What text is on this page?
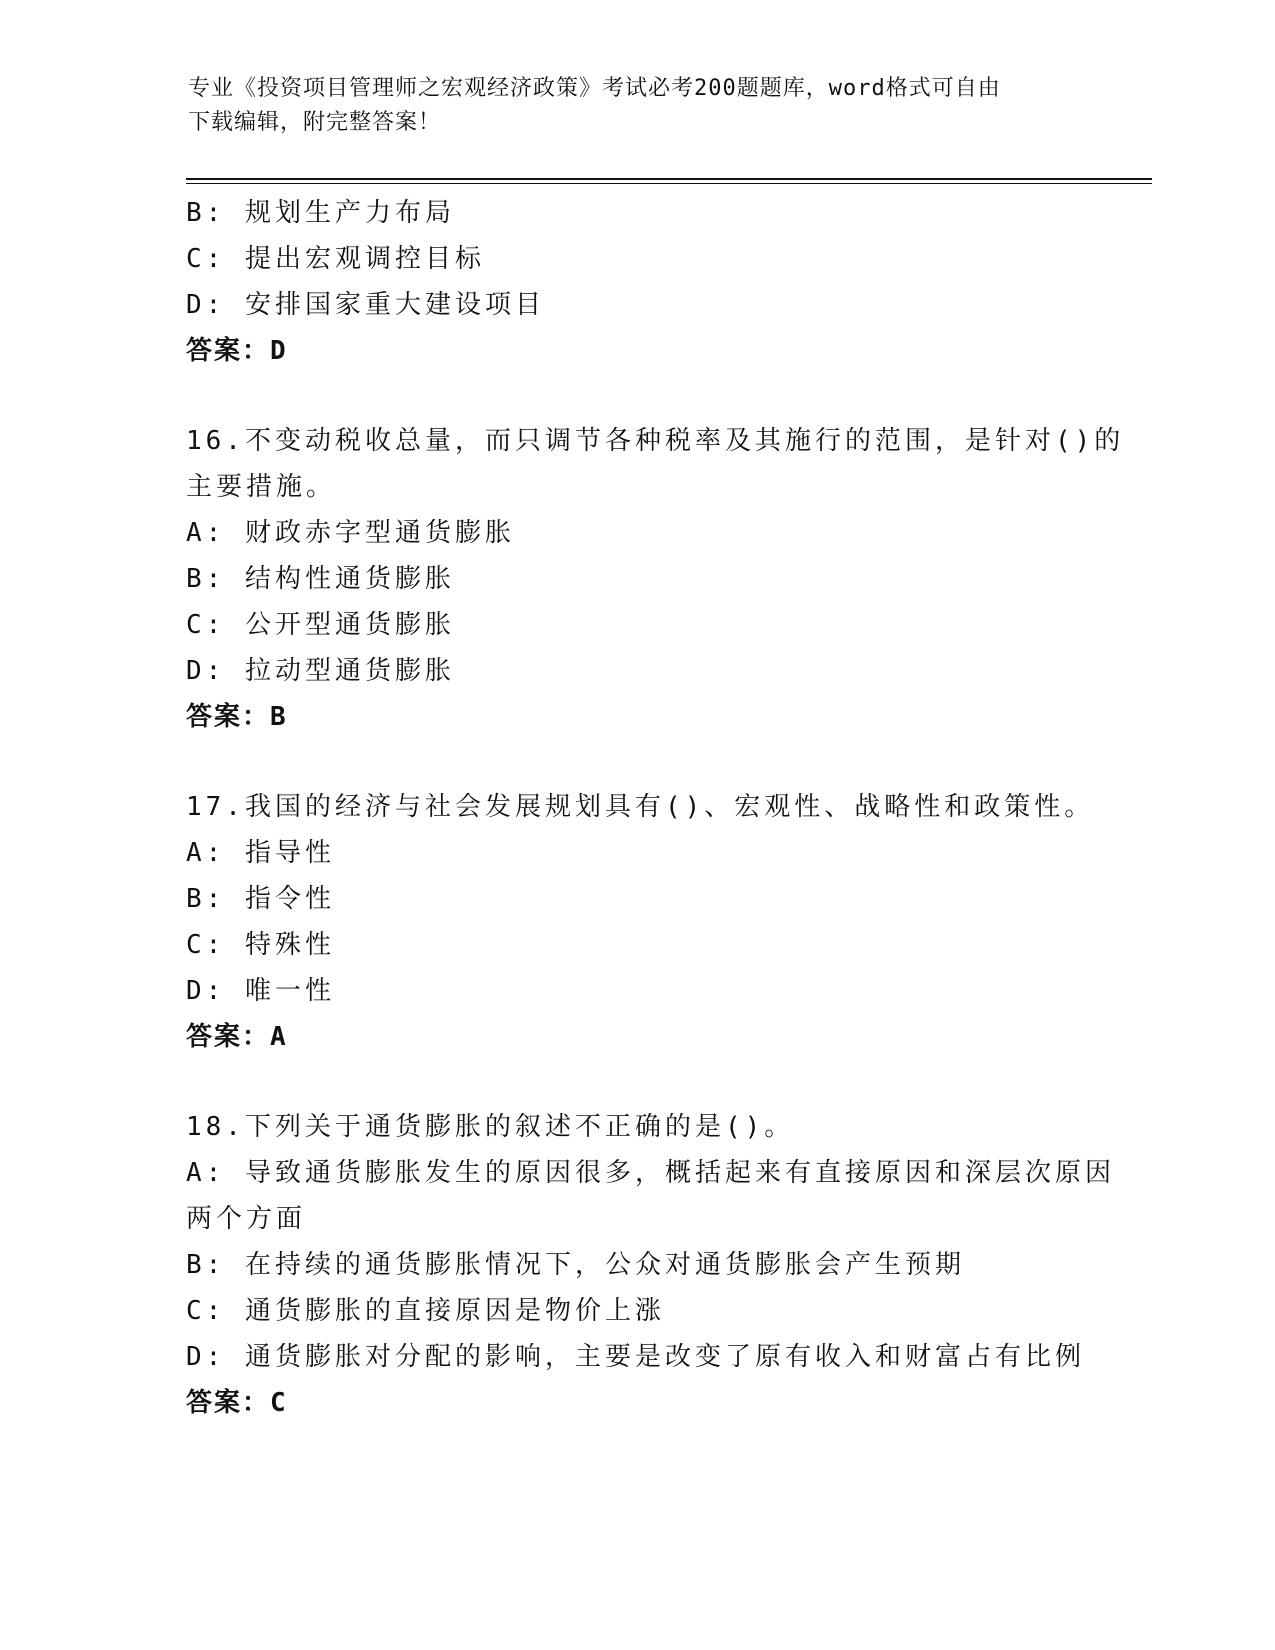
专业《投资项目管理师之宏观经济政策》考试必考200题题库，word格式可自由
下载编辑，附完整答案！
B: 规划生产力布局
C: 提出宏观调控目标
D: 安排国家重大建设项目
答案：D
16.不变动税收总量，而只调节各种税率及其施行的范围，是针对()的
主要措施。
A: 财政赤字型通货膨胀
B: 结构性通货膨胀
C: 公开型通货膨胀
D: 拉动型通货膨胀
答案：B
17.我国的经济与社会发展规划具有()、宏观性、战略性和政策性。
A: 指导性
B: 指令性
C: 特殊性
D: 唯一性
答案：A
18.下列关于通货膨胀的叙述不正确的是()。
A: 导致通货膨胀发生的原因很多，概括起来有直接原因和深层次原因
两个方面
B: 在持续的通货膨胀情况下，公众对通货膨胀会产生预期
C: 通货膨胀的直接原因是物价上涨
D: 通货膨胀对分配的影响，主要是改变了原有收入和财富占有比例
答案：C
